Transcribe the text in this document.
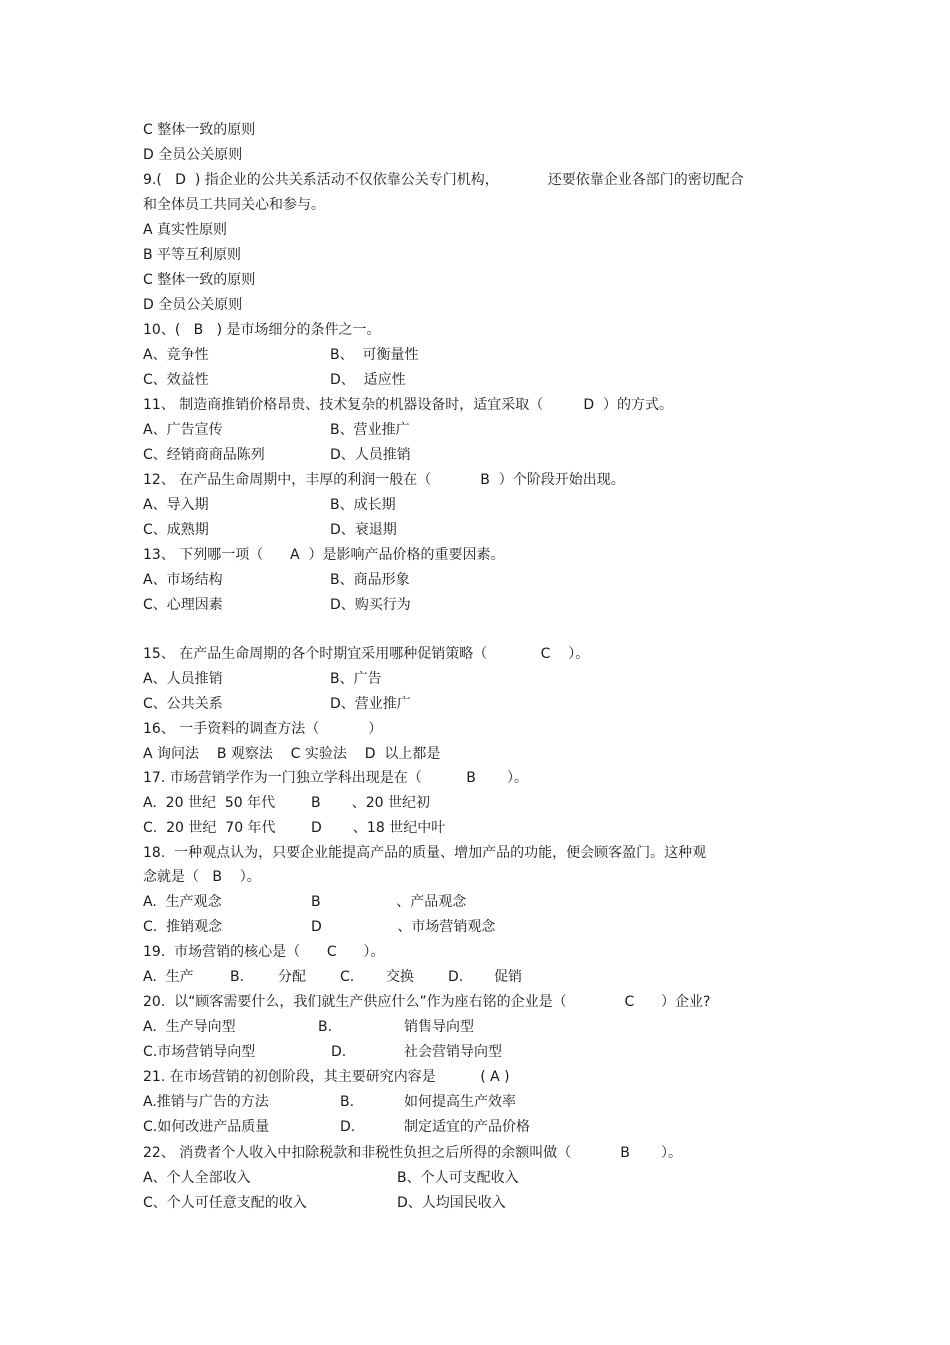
C 整体一致的原则
D 全员公关原则
9.(   D  ) 指企业的公共关系活动不仅依靠公关专门机构，           还要依靠企业各部门的密切配合
和全体员工共同关心和参与。
A 真实性原则
B 平等互利原则
C 整体一致的原则
D 全员公关原则
10、(   B   ) 是市场细分的条件之一。
A、竞争性	B、  可衡量性
C、效益性	D、  适应性
11、 制造商推销价格昂贵、技术复杂的机器设备时，适宜采取（         D  ）的方式。
A、广告宣传	B、营业推广
C、经销商商品陈列	D、人员推销
12、 在产品生命周期中，丰厚的利润一般在（           B  ）个阶段开始出现。
A、导入期	B、成长期
C、成熟期	D、衰退期
13、 下列哪一项（      A  ）是影响产品价格的重要因素。
A、市场结构	B、商品形象
C、心理因素	D、购买行为
15、 在产品生命周期的各个时期宜采用哪种促销策略（            C    ）。
A、人员推销	B、广告
C、公共关系	D、营业推广
16、 一手资料的调查方法（           ）
A 询问法    B 观察法    C 实验法    D  以上都是
17. 市场营销学作为一门独立学科出现是在（          B       ）。
A.  20 世纪  50 年代	B       、20 世纪初
C.  20 世纪  70 年代	D       、18 世纪中叶
18.  一种观点认为，只要企业能提高产品的质量、增加产品的功能，便会顾客盈门。这种观
念就是（   B    ）。
A.  生产观念	B                 、产品观念
C.  推销观念	D                 、市场营销观念
19.  市场营销的核心是（      C      ）。
A.  生产	B. 分配 C. 交换 D. 促销
20.  以“顾客需要什么，我们就生产供应什么”作为座右铭的企业是（             C      ）企业?
A.  生产导向型	B.	销售导向型
C.市场营销导向型	D.	社会营销导向型
21. 在市场营销的初创阶段，其主要研究内容是          ( A )
A.推销与广告的方法	B.	如何提高生产效率
C.如何改进产品质量	D.	制定适宜的产品价格
22、 消费者个人收入中扣除税款和非税性负担之后所得的余额叫做（           B       ）。
A、个人全部收入	B、个人可支配收入
C、个人可任意支配的收入	D、人均国民收入
